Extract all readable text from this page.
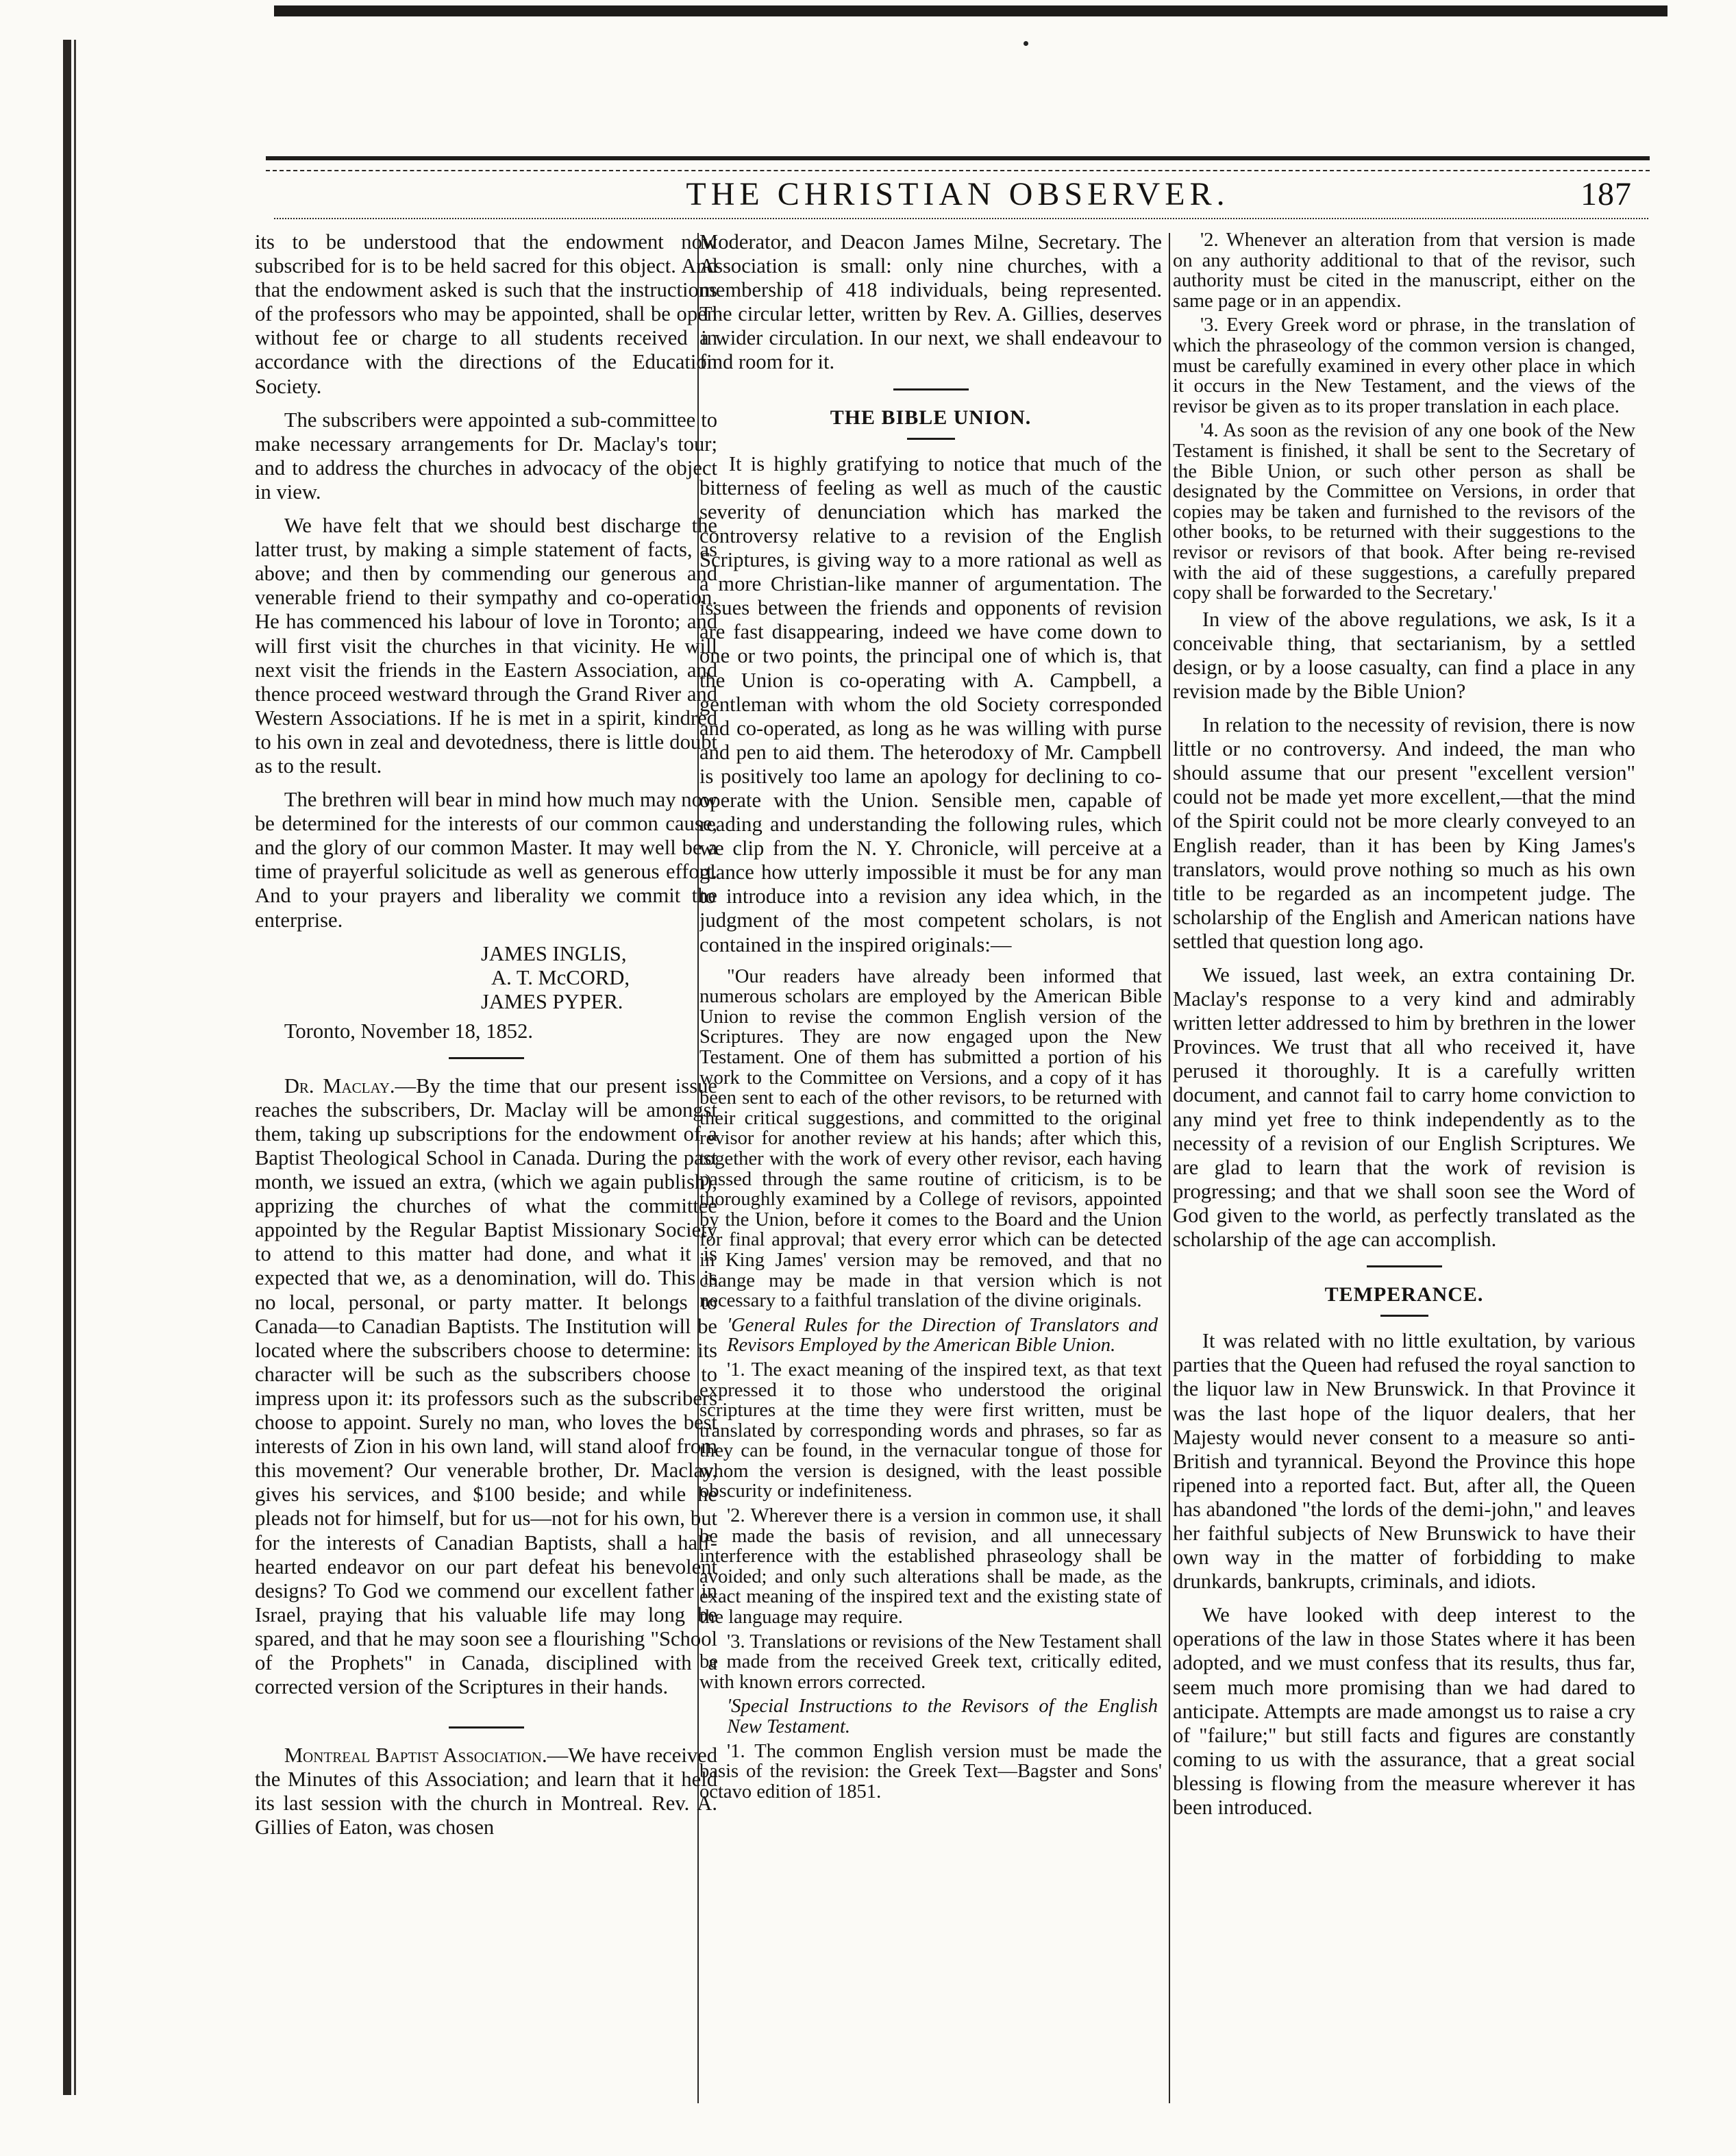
THE CHRISTIAN OBSERVER.	187

its to be understood that the endowment now subscribed for is to be held sacred for this object. And that the endowment asked is such that the instructions of the professors who may be appointed, shall be open without fee or charge to all students received in accordance with the directions of the Education Society.

The subscribers were appointed a sub-committee to make necessary arrangements for Dr. Maclay's tour; and to address the churches in advocacy of the object in view.

We have felt that we should best discharge the latter trust, by making a simple statement of facts, as above; and then by commending our generous and venerable friend to their sympathy and co-operation. He has commenced his labour of love in Toronto; and will first visit the churches in that vicinity. He will next visit the friends in the Eastern Association, and thence proceed westward through the Grand River and Western Associations. If he is met in a spirit, kindred to his own in zeal and devotedness, there is little doubt as to the result.

The brethren will bear in mind how much may now be determined for the interests of our common cause, and the glory of our common Master. It may well be a time of prayerful solicitude as well as generous effort. And to your prayers and liberality we commit the enterprise.

JAMES INGLIS,
A. T. McCORD,
JAMES PYPER.
Toronto, November 18, 1852.

Dr. Maclay.—By the time that our present issue reaches the subscribers, Dr. Maclay will be amongst them, taking up subscriptions for the endowment of a Baptist Theological School in Canada. During the past month, we issued an extra, (which we again publish), apprizing the churches of what the committee appointed by the Regular Baptist Missionary Society to attend to this matter had done, and what it is expected that we, as a denomination, will do. This is no local, personal, or party matter. It belongs to Canada—to Canadian Baptists. The Institution will be located where the subscribers choose to determine: its character will be such as the subscribers choose to impress upon it: its professors such as the subscribers choose to appoint. Surely no man, who loves the best interests of Zion in his own land, will stand aloof from this movement? Our venerable brother, Dr. Maclay, gives his services, and $100 beside; and while he pleads not for himself, but for us—not for his own, but for the interests of Canadian Baptists, shall a half-hearted endeavor on our part defeat his benevolent designs? To God we commend our excellent father in Israel, praying that his valuable life may long be spared, and that he may soon see a flourishing "School of the Prophets" in Canada, disciplined with a corrected version of the Scriptures in their hands.

Montreal Baptist Association.—We have received the Minutes of this Association; and learn that it held its last session with the church in Montreal. Rev. A. Gillies of Eaton, was chosen

Moderator, and Deacon James Milne, Secretary. The Association is small: only nine churches, with a membership of 418 individuals, being represented. The circular letter, written by Rev. A. Gillies, deserves a wider circulation. In our next, we shall endeavour to find room for it.

THE BIBLE UNION.

It is highly gratifying to notice that much of the bitterness of feeling as well as much of the caustic severity of denunciation which has marked the controversy relative to a revision of the English Scriptures, is giving way to a more rational as well as a more Christian-like manner of argumentation. The issues between the friends and opponents of revision are fast disappearing, indeed we have come down to one or two points, the principal one of which is, that the Union is co-operating with A. Campbell, a gentleman with whom the old Society corresponded and co-operated, as long as he was willing with purse and pen to aid them. The heterodoxy of Mr. Campbell is positively too lame an apology for declining to co-operate with the Union. Sensible men, capable of reading and understanding the following rules, which we clip from the N. Y. Chronicle, will perceive at a glance how utterly impossible it must be for any man to introduce into a revision any idea which, in the judgment of the most competent scholars, is not contained in the inspired originals:—

"Our readers have already been informed that numerous scholars are employed by the American Bible Union to revise the common English version of the Scriptures. They are now engaged upon the New Testament. One of them has submitted a portion of his work to the Committee on Versions, and a copy of it has been sent to each of the other revisors, to be returned with their critical suggestions, and committed to the original revisor for another review at his hands; after which this, together with the work of every other revisor, each having passed through the same routine of criticism, is to be thoroughly examined by a College of revisors, appointed by the Union, before it comes to the Board and the Union for final approval; that every error which can be detected in King James' version may be removed, and that no change may be made in that version which is not necessary to a faithful translation of the divine originals.

'General Rules for the Direction of Translators and Revisors Employed by the American Bible Union.

'1. The exact meaning of the inspired text, as that text expressed it to those who understood the original scriptures at the time they were first written, must be translated by corresponding words and phrases, so far as they can be found, in the vernacular tongue of those for whom the version is designed, with the least possible obscurity or indefiniteness.

'2. Wherever there is a version in common use, it shall be made the basis of revision, and all unnecessary interference with the established phraseology shall be avoided; and only such alterations shall be made, as the exact meaning of the inspired text and the existing state of the language may require.

'3. Translations or revisions of the New Testament shall be made from the received Greek text, critically edited, with known errors corrected.

'Special Instructions to the Revisors of the English New Testament.

'1. The common English version must be made the basis of the revision: the Greek Text—Bagster and Sons' octavo edition of 1851.

'2. Whenever an alteration from that version is made on any authority additional to that of the revisor, such authority must be cited in the manuscript, either on the same page or in an appendix.

'3. Every Greek word or phrase, in the translation of which the phraseology of the common version is changed, must be carefully examined in every other place in which it occurs in the New Testament, and the views of the revisor be given as to its proper translation in each place.

'4. As soon as the revision of any one book of the New Testament is finished, it shall be sent to the Secretary of the Bible Union, or such other person as shall be designated by the Committee on Versions, in order that copies may be taken and furnished to the revisors of the other books, to be returned with their suggestions to the revisor or revisors of that book. After being re-revised with the aid of these suggestions, a carefully prepared copy shall be forwarded to the Secretary.'

In view of the above regulations, we ask, Is it a conceivable thing, that sectarianism, by a settled design, or by a loose casualty, can find a place in any revision made by the Bible Union?

In relation to the necessity of revision, there is now little or no controversy. And indeed, the man who should assume that our present "excellent version" could not be made yet more excellent,—that the mind of the Spirit could not be more clearly conveyed to an English reader, than it has been by King James's translators, would prove nothing so much as his own title to be regarded as an incompetent judge. The scholarship of the English and American nations have settled that question long ago.

We issued, last week, an extra containing Dr. Maclay's response to a very kind and admirably written letter addressed to him by brethren in the lower Provinces. We trust that all who received it, have perused it thoroughly. It is a carefully written document, and cannot fail to carry home conviction to any mind yet free to think independently as to the necessity of a revision of our English Scriptures. We are glad to learn that the work of revision is progressing; and that we shall soon see the Word of God given to the world, as perfectly translated as the scholarship of the age can accomplish.

TEMPERANCE.

It was related with no little exultation, by various parties that the Queen had refused the royal sanction to the liquor law in New Brunswick. In that Province it was the last hope of the liquor dealers, that her Majesty would never consent to a measure so anti-British and tyrannical. Beyond the Province this hope ripened into a reported fact. But, after all, the Queen has abandoned "the lords of the demi-john," and leaves her faithful subjects of New Brunswick to have their own way in the matter of forbidding to make drunkards, bankrupts, criminals, and idiots.

We have looked with deep interest to the operations of the law in those States where it has been adopted, and we must confess that its results, thus far, seem much more promising than we had dared to anticipate. Attempts are made amongst us to raise a cry of "failure;" but still facts and figures are constantly coming to us with the assurance, that a great social blessing is flowing from the measure wherever it has been introduced.
